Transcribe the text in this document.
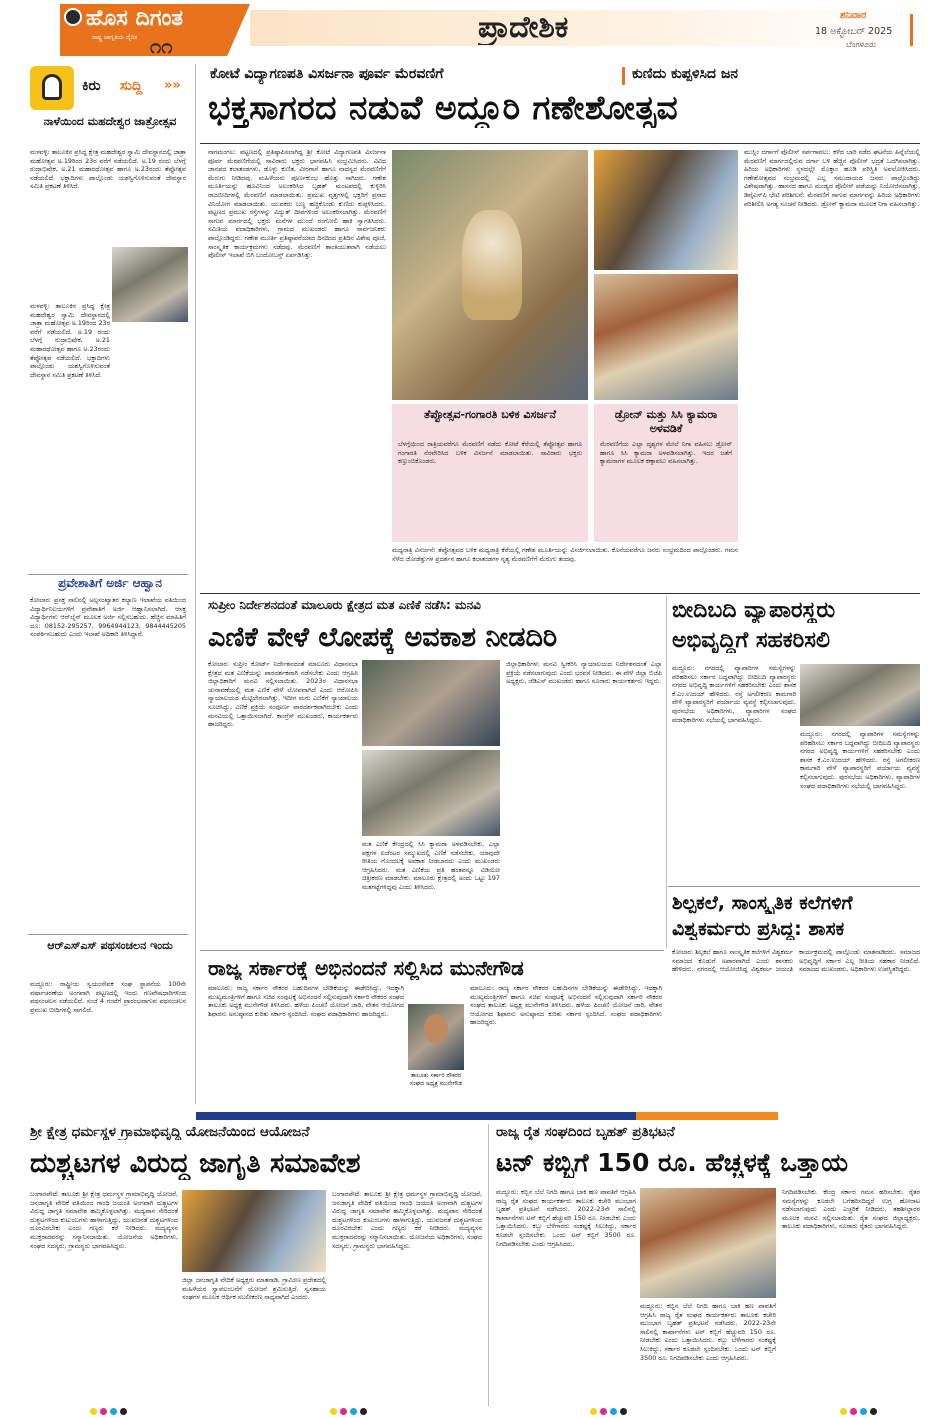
ಹೊಸ ದಿಗಂತ
ರಾಷ್ಟ್ರ ಜಾಗೃತಿಯ ದೈನಿಕ ೧೧
ಪ್ರಾದೇಶಿಕ	ಶನಿವಾರ
18 ಅಕ್ಟೋಬರ್ 2025
ಬೆಂಗಳೂರು
ಕಿರು ಸುದ್ದಿ »»
ನಾಳೆಯಿಂದ ಮಹದೇಶ್ವರ ಜಾತ್ರೋತ್ಸವ
ಮಳವಳ್ಳಿ: ತಾಲೂಕಿನ ಪ್ರಸಿದ್ಧ ಕ್ಷೇತ್ರ ಮಹದೇಶ್ವರ ಸ್ವಾಮಿ ದೇವಸ್ಥಾನದಲ್ಲಿ ಜಾತ್ರಾ ಮಹೋತ್ಸವ ಅ.19ರಿಂದ 23ರ ವರೆಗೆ ನಡೆಯಲಿದೆ. ಅ.19 ರಂದು ಬೆಳಗ್ಗೆ ರುದ್ರಾಭಿಷೇಕ, ಅ.21 ಮಹಾರಥೋತ್ಸವ ಹಾಗೂ ಅ.23ರಂದು ತೆಪ್ಪೋತ್ಸವ ನಡೆಯಲಿದೆ. ಭಕ್ತಾದಿಗಳು ಪಾಲ್ಗೊಂಡು ಯಶಸ್ವಿಗೊಳಿಸುವಂತೆ ದೇವಸ್ಥಾನ ಸಮಿತಿ ಪ್ರಕಟಣೆ ತಿಳಿಸಿದೆ.
ಮಳವಳ್ಳಿ: ತಾಲೂಕಿನ ಪ್ರಸಿದ್ಧ ಕ್ಷೇತ್ರ ಮಹದೇಶ್ವರ ಸ್ವಾಮಿ ದೇವಸ್ಥಾನದಲ್ಲಿ ಜಾತ್ರಾ ಮಹೋತ್ಸವ ಅ.19ರಿಂದ 23ರ ವರೆಗೆ ನಡೆಯಲಿದೆ. ಅ.19 ರಂದು ಬೆಳಗ್ಗೆ ರುದ್ರಾಭಿಷೇಕ, ಅ.21 ಮಹಾರಥೋತ್ಸವ ಹಾಗೂ ಅ.23ರಂದು ತೆಪ್ಪೋತ್ಸವ ನಡೆಯಲಿದೆ. ಭಕ್ತಾದಿಗಳು ಪಾಲ್ಗೊಂಡು ಯಶಸ್ವಿಗೊಳಿಸುವಂತೆ ದೇವಸ್ಥಾನ ಸಮಿತಿ ಪ್ರಕಟಣೆ ತಿಳಿಸಿದೆ.
ಪ್ರವೇಶಾತಿಗೆ ಅರ್ಜಿ ಆಹ್ವಾನ
ಕೋಲಾರ: ಪ್ರಸಕ್ತ ಸಾಲಿನಲ್ಲಿ ಅಲ್ಪಸಂಖ್ಯಾತರ ಕಲ್ಯಾಣ ಇಲಾಖೆಯ ವತಿಯಿಂದ ವಿದ್ಯಾರ್ಥಿನಿಲಯಗಳಿಗೆ ಪ್ರವೇಶಾತಿಗೆ ಅರ್ಜಿ ಆಹ್ವಾನಿಸಲಾಗಿದೆ. ಆಸಕ್ತ ವಿದ್ಯಾರ್ಥಿಗಳು ಆನ್‌ಲೈನ್ ಮೂಲಕ ಅರ್ಜಿ ಸಲ್ಲಿಸಬಹುದು. ಹೆಚ್ಚಿನ ಮಾಹಿತಿಗೆ ದೂ: 08152-295257, 9964944123, 9844445205 ಸಂಪರ್ಕಿಸಬಹುದು ಎಂದು ಇಲಾಖೆ ಅಧಿಕಾರಿ ತಿಳಿಸಿದ್ದಾರೆ.
ಆರ್‌ಎಸ್‌ಎಸ್ ಪಥಸಂಚಲನ ಇಂದು
ಮದ್ದೂರು: ರಾಷ್ಟ್ರೀಯ ಸ್ವಯಂಸೇವಕ ಸಂಘ ಸ್ಥಾಪನೆಯ 100ನೇ ವರ್ಷಾಚರಣೆಯ ಅಂಗವಾಗಿ ಪಟ್ಟಣದಲ್ಲಿ ಇಂದು ಗಣವೇಷಧಾರಿಗಳಿಂದ ಪಥಸಂಚಲನ ನಡೆಯಲಿದೆ. ಸಂಜೆ 4 ಗಂಟೆಗೆ ಪ್ರಾರಂಭವಾಗುವ ಪಥಸಂಚಲನ ಪ್ರಮುಖ ಬೀದಿಗಳಲ್ಲಿ ಸಾಗಲಿದೆ.
ಕೋಟೆ ವಿದ್ಯಾಗಣಪತಿ ವಿಸರ್ಜನಾ ಪೂರ್ವ ಮೆರವಣಿಗೆ	ಕುಣಿದು ಕುಪ್ಪಳಿಸಿದ ಜನ
ಭಕ್ತಸಾಗರದ ನಡುವೆ ಅದ್ಧೂರಿ ಗಣೇಶೋತ್ಸವ
ನಾಗಮಂಗಲ: ಪಟ್ಟಣದಲ್ಲಿ ಪ್ರತಿಷ್ಠಾಪಿಸಲಾಗಿದ್ದ ಶ್ರೀ ಕೋಟೆ ವಿದ್ಯಾಗಣಪತಿ ವಿಸರ್ಜನಾ ಪೂರ್ವ ಮೆರವಣಿಗೆಯಲ್ಲಿ ಸಾವಿರಾರು ಭಕ್ತರು ಭಾಗವಹಿಸಿ ಸಂಭ್ರಮಿಸಿದರು. ವಿವಿಧ ಜಾನಪದ ಕಲಾತಂಡಗಳು, ಡೊಳ್ಳು ಕುಣಿತ, ವೀರಗಾಸೆ ಹಾಗೂ ನಾದಸ್ವರ ಮೆರವಣಿಗೆಗೆ ಮೆರುಗು ನೀಡಿದವು. ಮಹಿಳೆಯರು ಪೂರ್ಣಕುಂಭ ಹೊತ್ತು ಸಾಗಿದರು. ಗಣೇಶ ಮೂರ್ತಿಯನ್ನು ಹೂವಿನಿಂದ ಅಲಂಕರಿಸಿದ ಬೃಹತ್ ಮಂಟಪದಲ್ಲಿ ಕುಳ್ಳಿರಿಸಿ ರಾಜಬೀದಿಗಳಲ್ಲಿ ಮೆರವಣಿಗೆ ಮಾಡಲಾಯಿತು. ಪ್ರಮುಖ ವೃತ್ತಗಳಲ್ಲಿ ಭಕ್ತರಿಗೆ ಪ್ರಸಾದ ವಿನಿಯೋಗ ಮಾಡಲಾಯಿತು. ಯುವಕರು ಬಣ್ಣ ಹಚ್ಚಿಕೊಂಡು ಕುಣಿದು ಕುಪ್ಪಳಿಸಿದರು. ಪಟ್ಟಣದ ಪ್ರಮುಖ ರಸ್ತೆಗಳನ್ನು ವಿದ್ಯುತ್ ದೀಪಗಳಿಂದ ಅಲಂಕರಿಸಲಾಗಿತ್ತು. ಮೆರವಣಿಗೆ ಸಾಗುವ ಮಾರ್ಗದಲ್ಲಿ ಭಕ್ತರು ಮನೆಗಳ ಮುಂದೆ ರಂಗೋಲಿ ಹಾಕಿ ಸ್ವಾಗತಿಸಿದರು. ಸಮಿತಿಯ ಪದಾಧಿಕಾರಿಗಳು, ಗ್ರಾಮದ ಮುಖಂಡರು ಹಾಗೂ ಸಾರ್ವಜನಿಕರು ಪಾಲ್ಗೊಂಡಿದ್ದರು. ಗಣೇಶ ಮೂರ್ತಿ ಪ್ರತಿಷ್ಠಾಪನೆಯಾದ ದಿನದಿಂದ ಪ್ರತಿದಿನ ವಿಶೇಷ ಪೂಜೆ, ಸಾಂಸ್ಕೃತಿಕ ಕಾರ್ಯಕ್ರಮಗಳು ನಡೆದವು. ಮೆರವಣಿಗೆ ಶಾಂತಿಯುತವಾಗಿ ನಡೆಯಲು ಪೊಲೀಸ್ ಇಲಾಖೆ ಬಿಗಿ ಬಂದೋಬಸ್ತ್ ಏರ್ಪಡಿಸಿತ್ತು.
ತೆಪ್ಪೋತ್ಸವ-ಗಂಗಾರತಿ ಬಳಿಕ ವಿಸರ್ಜನೆ
ಬೆಳಗ್ಗೆಯಿಂದ ರಾತ್ರಿಯವರೆಗೂ ಮೆರವಣಿಗೆ ನಡೆದು ಕೋಟೆ ಕೆರೆಯಲ್ಲಿ ತೆಪ್ಪೋತ್ಸವ ಹಾಗೂ ಗಂಗಾರತಿ ನೆರವೇರಿಸಿದ ಬಳಿಕ ವಿಸರ್ಜನೆ ಮಾಡಲಾಯಿತು. ಸಾವಿರಾರು ಭಕ್ತರು ಕಣ್ತುಂಬಿಕೊಂಡರು.
ಡ್ರೋನ್ ಮತ್ತು ಸಿಸಿ ಕ್ಯಾಮರಾ ಅಳವಡಿಕೆ
ಮೆರವಣಿಗೆಯ ಎಲ್ಲಾ ದೃಶ್ಯಗಳ ಮೇಲೆ ನಿಗಾ ವಹಿಸಲು ಡ್ರೋನ್ ಹಾಗೂ ಸಿಸಿ ಕ್ಯಾಮರಾ ಅಳವಡಿಸಲಾಗಿತ್ತು. ಇದರ ಜತೆಗೆ ಕ್ಯಾಮರಾಗಳ ಮೂಲಕ ಕಣ್ಗಾವಲು ವಹಿಸಲಾಗಿತ್ತು.
ಮಧ್ಯರಾತ್ರಿ ವಿಸರ್ಜನೆ: ತೆಪ್ಪೋತ್ಸವದ ಬಳಿಕ ಮಧ್ಯರಾತ್ರಿ ಕೆರೆಯಲ್ಲಿ ಗಣೇಶ ಮೂರ್ತಿಯನ್ನು ವಿಸರ್ಜಿಸಲಾಯಿತು. ಕೊನೆಯವರೆಗೂ ಜನರು ಸಂಭ್ರಮದಿಂದ ಪಾಲ್ಗೊಂಡರು. ಗಮನ ಸೆಳೆದ ಜೋಡೆತ್ತುಗಳ ಪ್ರದರ್ಶನ ಹಾಗೂ ಕಲಾತಂಡಗಳ ನೃತ್ಯ ಮೆರವಣಿಗೆಗೆ ಮೆರುಗು ತಂದವು.
ಮುಸ್ಲಿಂ ದರ್ಗಾಗೆ ಪೊಲೀಸ್ ಸರ್ಪಗಾವಲು: ಕಳೆದ ಬಾರಿ ನಡೆದ ಘಟನೆಯ ಹಿನ್ನೆಲೆಯಲ್ಲಿ ಮೆರವಣಿಗೆ ಮಾರ್ಗದಲ್ಲಿರುವ ದರ್ಗಾ ಬಳಿ ಹೆಚ್ಚಿನ ಪೊಲೀಸ್ ಭದ್ರತೆ ಒದಗಿಸಲಾಗಿತ್ತು. ಹಿರಿಯ ಅಧಿಕಾರಿಗಳು ಸ್ಥಳದಲ್ಲೇ ಮೊಕ್ಕಾಂ ಹೂಡಿ ಪರಿಸ್ಥಿತಿ ಅವಲೋಕಿಸಿದರು. ಗಣೇಶೋತ್ಸವದ ಸಂಭ್ರಮದಲ್ಲಿ ಎಲ್ಲ ಸಮುದಾಯದ ಜನರು ಪಾಲ್ಗೊಂಡಿದ್ದು ವಿಶೇಷವಾಗಿತ್ತು. ಹಾಸನದ ಹಾಗೂ ಮಂಡ್ಯದ ಪೊಲೀಸ್ ಪಡೆಯನ್ನು ನಿಯೋಜಿಸಲಾಗಿತ್ತು. ಡಿವೈಎಸ್‌ಪಿ ಭೇಟಿ ಪರಿಶೀಲನೆ: ಮೆರವಣಿಗೆ ಸಾಗುವ ಮಾರ್ಗವನ್ನು ಹಿರಿಯ ಅಧಿಕಾರಿಗಳು ಪರಿಶೀಲಿಸಿ ಅಗತ್ಯ ಸೂಚನೆ ನೀಡಿದರು. ಡ್ರೋನ್ ಕ್ಯಾಮರಾ ಮೂಲಕ ನಿಗಾ ವಹಿಸಲಾಗಿತ್ತು.
ಸುಪ್ರೀಂ ನಿರ್ದೇಶನದಂತೆ ಮಾಲೂರು ಕ್ಷೇತ್ರದ ಮತ ಎಣಿಕೆ ನಡೆಸಿ: ಮನವಿ
ಎಣಿಕೆ ವೇಳೆ ಲೋಪಕ್ಕೆ ಅವಕಾಶ ನೀಡದಿರಿ
ಕೋಲಾರ: ಸುಪ್ರೀಂ ಕೋರ್ಟ್ ನಿರ್ದೇಶನದಂತೆ ಮಾಲೂರು ವಿಧಾನಸಭಾ ಕ್ಷೇತ್ರದ ಮತ ಎಣಿಕೆಯನ್ನು ಪಾರದರ್ಶಕವಾಗಿ ನಡೆಸಬೇಕು ಎಂದು ಆಗ್ರಹಿಸಿ ಜಿಲ್ಲಾಧಿಕಾರಿಗೆ ಮನವಿ ಸಲ್ಲಿಸಲಾಯಿತು. 2023ರ ವಿಧಾನಸಭಾ ಚುನಾವಣೆಯಲ್ಲಿ ಮತ ಎಣಿಕೆ ವೇಳೆ ಲೋಪವಾಗಿದೆ ಎಂದು ಆರೋಪಿಸಿ ನ್ಯಾಯಾಲಯದ ಮೆಟ್ಟಿಲೇರಲಾಗಿತ್ತು. ಇದೀಗ ಮರು ಎಣಿಕೆಗೆ ನ್ಯಾಯಾಲಯ ಸೂಚಿಸಿದ್ದು, ಎಣಿಕೆ ಪ್ರಕ್ರಿಯೆ ಸಂಪೂರ್ಣ ಪಾರದರ್ಶಕವಾಗಿರಬೇಕು ಎಂದು ಮನವಿಯಲ್ಲಿ ಒತ್ತಾಯಿಸಲಾಗಿದೆ. ಕಾಂಗ್ರೆಸ್ ಮುಖಂಡರು, ಕಾರ್ಯಕರ್ತರು ಹಾಜರಿದ್ದರು.
ಮತ ಎಣಿಕೆ ಕೇಂದ್ರದಲ್ಲಿ ಸಿಸಿ ಕ್ಯಾಮರಾ ಅಳವಡಿಸಬೇಕು, ಎಲ್ಲಾ ಪಕ್ಷಗಳ ಏಜೆಂಟರ ಸಮ್ಮುಖದಲ್ಲಿ ಎಣಿಕೆ ನಡೆಸಬೇಕು, ಯಾವುದೇ ರೀತಿಯ ಗೊಂದಲಕ್ಕೆ ಅವಕಾಶ ನೀಡಬಾರದು ಎಂದು ಮುಖಂಡರು ಆಗ್ರಹಿಸಿದರು. ಮತ ಎಣಿಕೆಯ ಪ್ರತಿ ಹಂತವನ್ನೂ ವಿಡಿಯೋ ಚಿತ್ರೀಕರಣ ಮಾಡಬೇಕು. ಮಾಲೂರು ಕ್ಷೇತ್ರದಲ್ಲಿ ಅಂದು ಒಟ್ಟು 197 ಮತಗಟ್ಟೆಗಳಿದ್ದವು ಎಂದು ತಿಳಿಸಿದರು.
ಜಿಲ್ಲಾಧಿಕಾರಿಗಳು ಮನವಿ ಸ್ವೀಕರಿಸಿ ನ್ಯಾಯಾಲಯದ ನಿರ್ದೇಶನದಂತೆ ಎಲ್ಲಾ ಪ್ರಕ್ರಿಯೆ ನಡೆಸಲಾಗುವುದು ಎಂದು ಭರವಸೆ ನೀಡಿದರು. ಈ ವೇಳೆ ಜಿಲ್ಲಾ ಬಿಜೆಪಿ ಅಧ್ಯಕ್ಷರು, ಜೆಡಿಎಸ್ ಮುಖಂಡರು ಹಾಗೂ ನೂರಾರು ಕಾರ್ಯಕರ್ತರು ಇದ್ದರು.
ಬೀದಿಬದಿ ವ್ಯಾಪಾರಸ್ಥರು
ಅಭಿವೃದ್ಧಿಗೆ ಸಹಕರಿಸಲಿ
ಮದ್ದೂರು: ನಗರದಲ್ಲಿ ವ್ಯಾಪಾರಿಗಳ ಸಮಸ್ಯೆಗಳನ್ನು ಪರಿಹರಿಸಲು ಸರ್ಕಾರ ಬದ್ಧವಾಗಿದ್ದು ಬೀದಿಬದಿ ವ್ಯಾಪಾರಸ್ಥರು ನಗರದ ಅಭಿವೃದ್ಧಿ ಕಾರ್ಯಗಳಿಗೆ ಸಹಕರಿಸಬೇಕು ಎಂದು ಶಾಸಕ ಕೆ.ಎಂ.ಉದಯ್ ಹೇಳಿದರು. ರಸ್ತೆ ಅಗಲೀಕರಣ ಕಾಮಗಾರಿ ವೇಳೆ ವ್ಯಾಪಾರಸ್ಥರಿಗೆ ಪರ್ಯಾಯ ವ್ಯವಸ್ಥೆ ಕಲ್ಪಿಸಲಾಗುವುದು. ಪುರಸಭೆಯ ಅಧಿಕಾರಿಗಳು, ವ್ಯಾಪಾರಿಗಳ ಸಂಘದ ಪದಾಧಿಕಾರಿಗಳು ಸಭೆಯಲ್ಲಿ ಭಾಗವಹಿಸಿದ್ದರು.
ಮದ್ದೂರು: ನಗರದಲ್ಲಿ ವ್ಯಾಪಾರಿಗಳ ಸಮಸ್ಯೆಗಳನ್ನು ಪರಿಹರಿಸಲು ಸರ್ಕಾರ ಬದ್ಧವಾಗಿದ್ದು ಬೀದಿಬದಿ ವ್ಯಾಪಾರಸ್ಥರು ನಗರದ ಅಭಿವೃದ್ಧಿ ಕಾರ್ಯಗಳಿಗೆ ಸಹಕರಿಸಬೇಕು ಎಂದು ಶಾಸಕ ಕೆ.ಎಂ.ಉದಯ್ ಹೇಳಿದರು. ರಸ್ತೆ ಅಗಲೀಕರಣ ಕಾಮಗಾರಿ ವೇಳೆ ವ್ಯಾಪಾರಸ್ಥರಿಗೆ ಪರ್ಯಾಯ ವ್ಯವಸ್ಥೆ ಕಲ್ಪಿಸಲಾಗುವುದು. ಪುರಸಭೆಯ ಅಧಿಕಾರಿಗಳು, ವ್ಯಾಪಾರಿಗಳ ಸಂಘದ ಪದಾಧಿಕಾರಿಗಳು ಸಭೆಯಲ್ಲಿ ಭಾಗವಹಿಸಿದ್ದರು.
ಶಿಲ್ಪಕಲೆ, ಸಾಂಸ್ಕೃತಿಕ ಕಲೆಗಳಿಗೆ
ವಿಶ್ವಕರ್ಮರು ಪ್ರಸಿದ್ಧ: ಶಾಸಕ
ಕೋಲಾರ: ಶಿಲ್ಪಕಲೆ ಹಾಗೂ ಸಾಂಸ್ಕೃತಿಕ ಕಲೆಗಳಿಗೆ ವಿಶ್ವಕರ್ಮ ಸಮಾಜದ ಕೊಡುಗೆ ಅಪಾರವಾಗಿದೆ ಎಂದು ಶಾಸಕರು ಹೇಳಿದರು. ನಗರದಲ್ಲಿ ಆಯೋಜಿಸಿದ್ದ ವಿಶ್ವಕರ್ಮ ಜಯಂತಿ ಕಾರ್ಯಕ್ರಮದಲ್ಲಿ ಪಾಲ್ಗೊಂಡು ಮಾತನಾಡಿದರು. ಸಮಾಜದ ಅಭಿವೃದ್ಧಿಗೆ ಸರ್ಕಾರ ಎಲ್ಲ ರೀತಿಯ ಸಹಕಾರ ನೀಡಲಿದೆ. ಸಮಾಜದ ಮುಖಂಡರು, ಅಧಿಕಾರಿಗಳು ಉಪಸ್ಥಿತರಿದ್ದರು.
ರಾಜ್ಯ ಸರ್ಕಾರಕ್ಕೆ ಅಭಿನಂದನೆ ಸಲ್ಲಿಸಿದ ಮುನೇಗೌಡ
ಮಾಲೂರು: ರಾಜ್ಯ ಸರ್ಕಾರ ನೌಕರರ ಬಹುದಿನಗಳ ಬೇಡಿಕೆಯನ್ನು ಈಡೇರಿಸಿದ್ದು, ಇದಕ್ಕಾಗಿ ಮುಖ್ಯಮಂತ್ರಿಗಳಿಗೆ ಹಾಗೂ ಸಚಿವ ಸಂಪುಟಕ್ಕೆ ಅಭಿನಂದನೆ ಸಲ್ಲಿಸುವುದಾಗಿ ಸರ್ಕಾರಿ ನೌಕರರ ಸಂಘದ ತಾಲೂಕು ಅಧ್ಯಕ್ಷ ಮುನೇಗೌಡ ತಿಳಿಸಿದರು. ಹಳೆಯ ಪಿಂಚಣಿ ಯೋಜನೆ ಜಾರಿ, ವೇತನ ಆಯೋಗದ ಶಿಫಾರಸು ಅನುಷ್ಠಾನದ ಕುರಿತು ಸರ್ಕಾರ ಸ್ಪಂದಿಸಿದೆ. ಸಂಘದ ಪದಾಧಿಕಾರಿಗಳು ಹಾಜರಿದ್ದರು.
ತಾಲೂಕು ಸರ್ಕಾರಿ ನೌಕರರ ಸಂಘದ ಅಧ್ಯಕ್ಷ ಮುನೇಗೌಡ
ಮಾಲೂರು: ರಾಜ್ಯ ಸರ್ಕಾರ ನೌಕರರ ಬಹುದಿನಗಳ ಬೇಡಿಕೆಯನ್ನು ಈಡೇರಿಸಿದ್ದು, ಇದಕ್ಕಾಗಿ ಮುಖ್ಯಮಂತ್ರಿಗಳಿಗೆ ಹಾಗೂ ಸಚಿವ ಸಂಪುಟಕ್ಕೆ ಅಭಿನಂದನೆ ಸಲ್ಲಿಸುವುದಾಗಿ ಸರ್ಕಾರಿ ನೌಕರರ ಸಂಘದ ತಾಲೂಕು ಅಧ್ಯಕ್ಷ ಮುನೇಗೌಡ ತಿಳಿಸಿದರು. ಹಳೆಯ ಪಿಂಚಣಿ ಯೋಜನೆ ಜಾರಿ, ವೇತನ ಆಯೋಗದ ಶಿಫಾರಸು ಅನುಷ್ಠಾನದ ಕುರಿತು ಸರ್ಕಾರ ಸ್ಪಂದಿಸಿದೆ. ಸಂಘದ ಪದಾಧಿಕಾರಿಗಳು ಹಾಜರಿದ್ದರು.
ಶ್ರೀ ಕ್ಷೇತ್ರ ಧರ್ಮಸ್ಥಳ ಗ್ರಾಮಾಭಿವೃದ್ಧಿ ಯೋಜನೆಯಿಂದ ಆಯೋಜನೆ
ದುಶ್ಚಟಗಳ ವಿರುದ್ಧ ಜಾಗೃತಿ ಸಮಾವೇಶ
ಬಂಗಾರಪೇಟೆ: ತಾಲೂಕು ಶ್ರೀ ಕ್ಷೇತ್ರ ಧರ್ಮಸ್ಥಳ ಗ್ರಾಮಾಭಿವೃದ್ಧಿ ಯೋಜನೆ, ಜನಜಾಗೃತಿ ವೇದಿಕೆ ವತಿಯಿಂದ ಗಾಂಧಿ ಜಯಂತಿ ಅಂಗವಾಗಿ ದುಶ್ಚಟಗಳ ವಿರುದ್ಧ ಜಾಗೃತಿ ಸಮಾವೇಶ ಹಮ್ಮಿಕೊಳ್ಳಲಾಗಿತ್ತು. ಮದ್ಯಪಾನ ಸೇರಿದಂತೆ ದುಶ್ಚಟಗಳಿಂದ ಕುಟುಂಬಗಳು ಹಾಳಾಗುತ್ತಿದ್ದು, ಯುವಜನತೆ ದುಶ್ಚಟಗಳಿಂದ ದೂರವಿರಬೇಕು ಎಂದು ಗಣ್ಯರು ಕರೆ ನೀಡಿದರು. ಮದ್ಯವ್ಯಸನ ಮುಕ್ತರಾದವರನ್ನು ಸನ್ಮಾನಿಸಲಾಯಿತು. ಯೋಜನೆಯ ಅಧಿಕಾರಿಗಳು, ಸಂಘದ ಸದಸ್ಯರು, ಗ್ರಾಮಸ್ಥರು ಭಾಗವಹಿಸಿದ್ದರು.
ಜಿಲ್ಲಾ ಜನಜಾಗೃತಿ ವೇದಿಕೆ ಅಧ್ಯಕ್ಷರು ಮಾತನಾಡಿ, ಗ್ರಾಮೀಣ ಪ್ರದೇಶದಲ್ಲಿ ಮಹಿಳೆಯರ ಸ್ವಾವಲಂಬನೆಗೆ ಯೋಜನೆ ಶ್ರಮಿಸುತ್ತಿದೆ. ಸ್ವಸಹಾಯ ಸಂಘಗಳ ಮೂಲಕ ಆರ್ಥಿಕ ಸಬಲೀಕರಣ ಸಾಧ್ಯವಾಗಿದೆ ಎಂದರು.
ಬಂಗಾರಪೇಟೆ: ತಾಲೂಕು ಶ್ರೀ ಕ್ಷೇತ್ರ ಧರ್ಮಸ್ಥಳ ಗ್ರಾಮಾಭಿವೃದ್ಧಿ ಯೋಜನೆ, ಜನಜಾಗೃತಿ ವೇದಿಕೆ ವತಿಯಿಂದ ಗಾಂಧಿ ಜಯಂತಿ ಅಂಗವಾಗಿ ದುಶ್ಚಟಗಳ ವಿರುದ್ಧ ಜಾಗೃತಿ ಸಮಾವೇಶ ಹಮ್ಮಿಕೊಳ್ಳಲಾಗಿತ್ತು. ಮದ್ಯಪಾನ ಸೇರಿದಂತೆ ದುಶ್ಚಟಗಳಿಂದ ಕುಟುಂಬಗಳು ಹಾಳಾಗುತ್ತಿದ್ದು, ಯುವಜನತೆ ದುಶ್ಚಟಗಳಿಂದ ದೂರವಿರಬೇಕು ಎಂದು ಗಣ್ಯರು ಕರೆ ನೀಡಿದರು. ಮದ್ಯವ್ಯಸನ ಮುಕ್ತರಾದವರನ್ನು ಸನ್ಮಾನಿಸಲಾಯಿತು. ಯೋಜನೆಯ ಅಧಿಕಾರಿಗಳು, ಸಂಘದ ಸದಸ್ಯರು, ಗ್ರಾಮಸ್ಥರು ಭಾಗವಹಿಸಿದ್ದರು.
ರಾಜ್ಯ ರೈತ ಸಂಘದಿಂದ ಬೃಹತ್ ಪ್ರತಿಭಟನೆ
ಟನ್ ಕಬ್ಬಿಗೆ 150 ರೂ. ಹೆಚ್ಚಳಕ್ಕೆ ಒತ್ತಾಯ
ಮದ್ದೂರು: ಕಬ್ಬಿನ ಬೆಲೆ ನಿಗದಿ ಹಾಗೂ ಬಾಕಿ ಹಣ ಪಾವತಿಗೆ ಆಗ್ರಹಿಸಿ ರಾಜ್ಯ ರೈತ ಸಂಘದ ಕಾರ್ಯಕರ್ತರು ತಾಲೂಕು ಕಚೇರಿ ಮುಂಭಾಗ ಬೃಹತ್ ಪ್ರತಿಭಟನೆ ನಡೆಸಿದರು. 2022-23ನೇ ಸಾಲಿನಲ್ಲಿ ಕಾರ್ಖಾನೆಗಳು ಟನ್ ಕಬ್ಬಿಗೆ ಹೆಚ್ಚುವರಿ 150 ರೂ. ನೀಡಬೇಕು ಎಂದು ಒತ್ತಾಯಿಸಿದರು. ಕಬ್ಬು ಬೆಳೆಗಾರರು ಸಂಕಷ್ಟಕ್ಕೆ ಸಿಲುಕಿದ್ದು, ಸರ್ಕಾರ ಕೂಡಲೇ ಸ್ಪಂದಿಸಬೇಕು. ಒಂದು ಟನ್ ಕಬ್ಬಿಗೆ 3500 ರೂ. ನಿಗದಿಪಡಿಸಬೇಕು ಎಂದು ಆಗ್ರಹಿಸಿದರು.
ಮದ್ದೂರು: ಕಬ್ಬಿನ ಬೆಲೆ ನಿಗದಿ ಹಾಗೂ ಬಾಕಿ ಹಣ ಪಾವತಿಗೆ ಆಗ್ರಹಿಸಿ ರಾಜ್ಯ ರೈತ ಸಂಘದ ಕಾರ್ಯಕರ್ತರು ತಾಲೂಕು ಕಚೇರಿ ಮುಂಭಾಗ ಬೃಹತ್ ಪ್ರತಿಭಟನೆ ನಡೆಸಿದರು. 2022-23ನೇ ಸಾಲಿನಲ್ಲಿ ಕಾರ್ಖಾನೆಗಳು ಟನ್ ಕಬ್ಬಿಗೆ ಹೆಚ್ಚುವರಿ 150 ರೂ. ನೀಡಬೇಕು ಎಂದು ಒತ್ತಾಯಿಸಿದರು. ಕಬ್ಬು ಬೆಳೆಗಾರರು ಸಂಕಷ್ಟಕ್ಕೆ ಸಿಲುಕಿದ್ದು, ಸರ್ಕಾರ ಕೂಡಲೇ ಸ್ಪಂದಿಸಬೇಕು. ಒಂದು ಟನ್ ಕಬ್ಬಿಗೆ 3500 ರೂ. ನಿಗದಿಪಡಿಸಬೇಕು ಎಂದು ಆಗ್ರಹಿಸಿದರು.
ನಿಗದಿಪಡಿಸಬೇಕು. ಕೇಂದ್ರ ಸರ್ಕಾರ ಗಮನ ಹರಿಸಬೇಕು. ರೈತರ ಸಮಸ್ಯೆಗಳನ್ನು ಕೂಡಲೇ ಬಗೆಹರಿಸದಿದ್ದರೆ ಉಗ್ರ ಹೋರಾಟ ನಡೆಸಲಾಗುವುದು ಎಂದು ಎಚ್ಚರಿಕೆ ನೀಡಿದರು. ತಹಶೀಲ್ದಾರರ ಮೂಲಕ ಮನವಿ ಸಲ್ಲಿಸಲಾಯಿತು. ರೈತ ಸಂಘದ ಜಿಲ್ಲಾಧ್ಯಕ್ಷರು, ತಾಲೂಕು ಪದಾಧಿಕಾರಿಗಳು, ನೂರಾರು ರೈತರು ಭಾಗವಹಿಸಿದ್ದರು.
